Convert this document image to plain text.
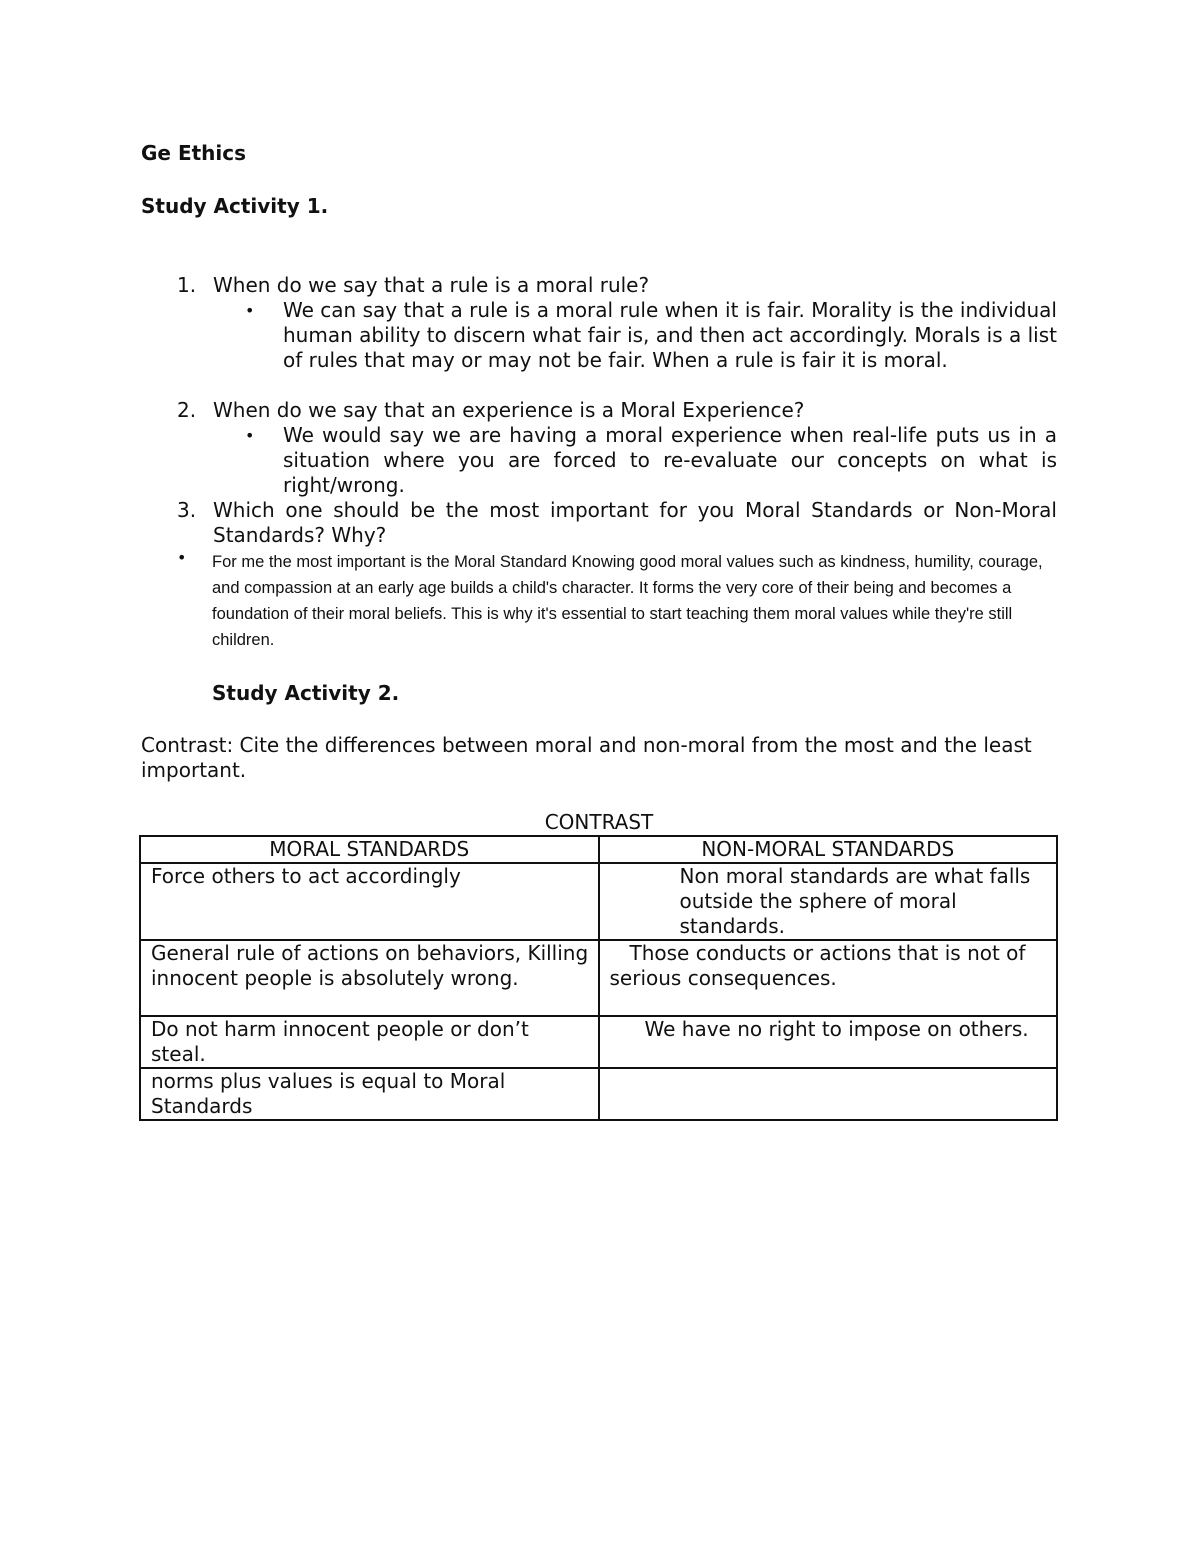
Ge Ethics
Study Activity 1.
1. When do we say that a rule is a moral rule?
• We can say that a rule is a moral rule when it is fair. Morality is the individual human ability to discern what fair is, and then act accordingly. Morals is a list of rules that may or may not be fair. When a rule is fair it is moral.
2. When do we say that an experience is a Moral Experience?
• We would say we are having a moral experience when real-life puts us in a situation where you are forced to re-evaluate our concepts on what is right/wrong.
3. Which one should be the most important for you Moral Standards or Non-Moral Standards? Why?
• For me the most important is the Moral Standard Knowing good moral values such as kindness, humility, courage, and compassion at an early age builds a child's character. It forms the very core of their being and becomes a foundation of their moral beliefs. This is why it's essential to start teaching them moral values while they're still children.
Study Activity 2.
Contrast: Cite the differences between moral and non-moral from the most and the least important.
CONTRAST
MORAL STANDARDS	NON-MORAL STANDARDS
Force others to act accordingly	Non moral standards are what falls outside the sphere of moral standards.
General rule of actions on behaviors, Killing innocent people is absolutely wrong.	Those conducts or actions that is not of serious consequences.
Do not harm innocent people or don’t steal.	We have no right to impose on others.
norms plus values is equal to Moral Standards	
